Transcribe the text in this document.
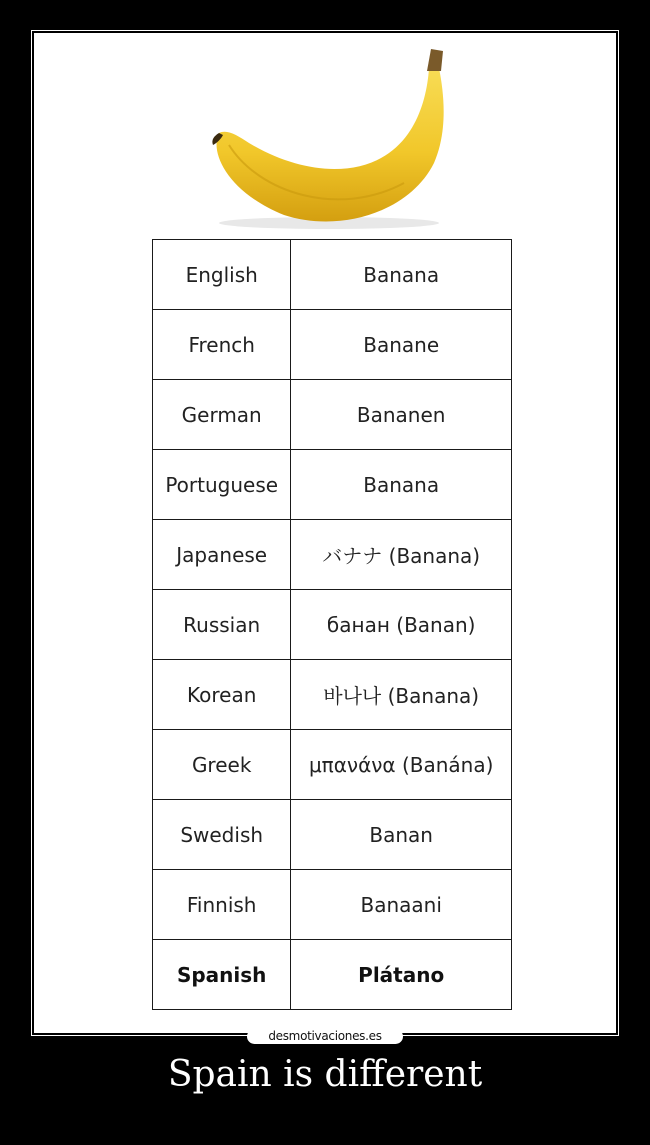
English	Banana
French	Banane
German	Bananen
Portuguese	Banana
Japanese	バナナ (Banana)
Russian	банан (Banan)
Korean	바나나 (Banana)
Greek	μπανάνα (Banána)
Swedish	Banan
Finnish	Banaani
Spanish	Plátano
desmotivaciones.es
Spain is different
